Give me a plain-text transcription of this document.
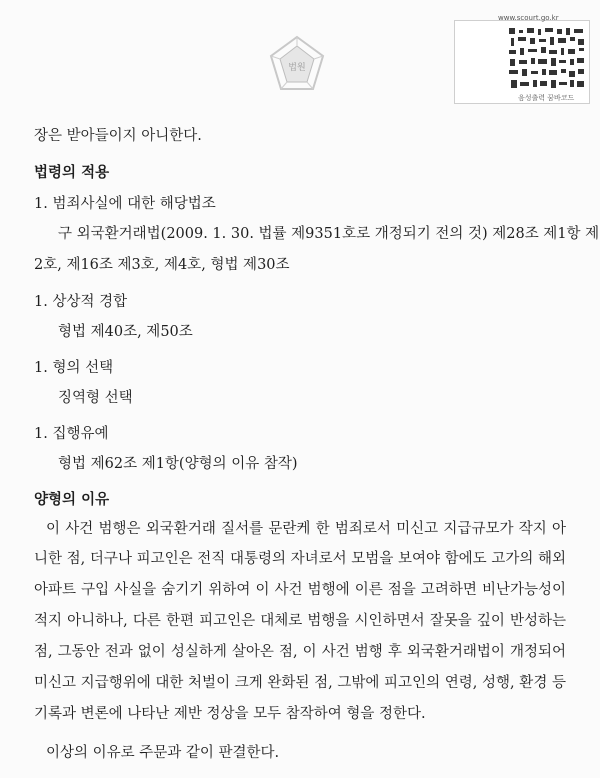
법원
www.scourt.go.kr
음성출력 꿈바코드
장은 받아들이지 아니한다.
법령의 적용
1. 범죄사실에 대한 해당법조
구 외국환거래법(2009. 1. 30. 법률 제9351호로 개정되기 전의 것) 제28조 제1항 제
2호, 제16조 제3호, 제4호, 형법 제30조
1. 상상적 경합
형법 제40조, 제50조
1. 형의 선택
징역형 선택
1. 집행유예
형법 제62조 제1항(양형의 이유 참작)
양형의 이유
이 사건 범행은 외국환거래 질서를 문란케 한 범죄로서 미신고 지급규모가 작지 아
니한 점, 더구나 피고인은 전직 대통령의 자녀로서 모범을 보여야 함에도 고가의 해외
아파트 구입 사실을 숨기기 위하여 이 사건 범행에 이른 점을 고려하면 비난가능성이
적지 아니하나, 다른 한편 피고인은 대체로 범행을 시인하면서 잘못을 깊이 반성하는
점, 그동안 전과 없이 성실하게 살아온 점, 이 사건 범행 후 외국환거래법이 개정되어
미신고 지급행위에 대한 처벌이 크게 완화된 점, 그밖에 피고인의 연령, 성행, 환경 등
기록과 변론에 나타난 제반 정상을 모두 참작하여 형을 정한다.
이상의 이유로 주문과 같이 판결한다.
